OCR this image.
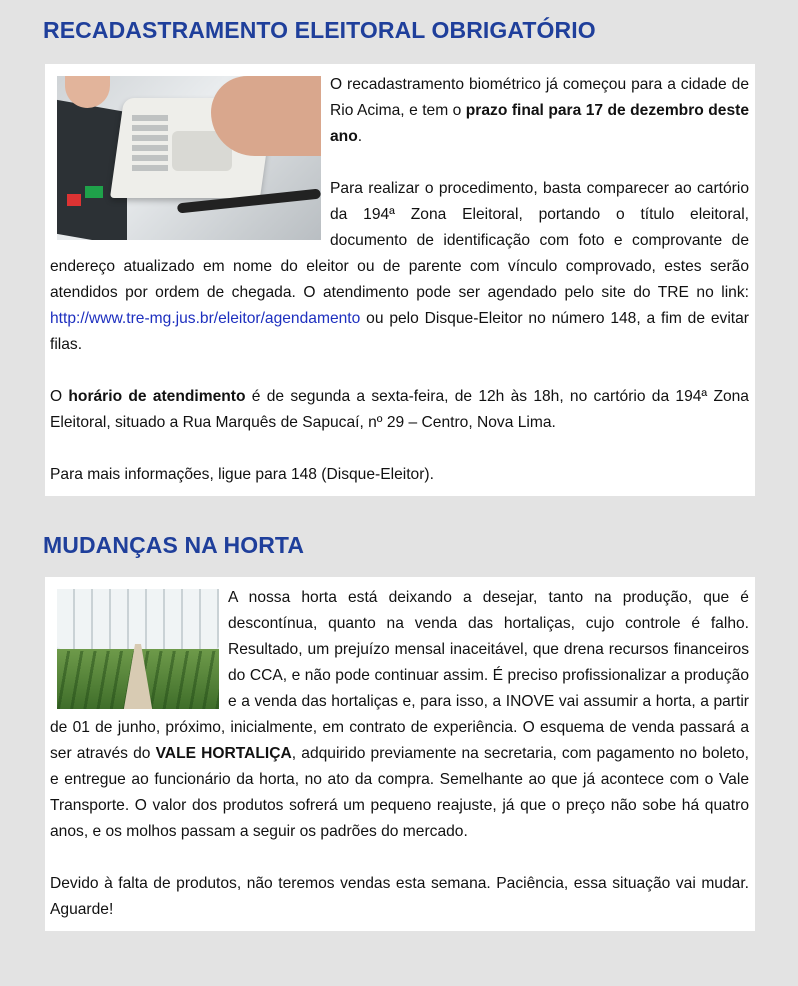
RECADASTRAMENTO ELEITORAL OBRIGATÓRIO

O recadastramento biométrico já começou para a cidade de Rio Acima, e tem o prazo final para 17 de dezembro deste ano.

Para realizar o procedimento, basta comparecer ao cartório da 194ª Zona Eleitoral, portando o título eleitoral, documento de identificação com foto e comprovante de endereço atualizado em nome do eleitor ou de parente com vínculo comprovado, estes serão atendidos por ordem de chegada. O atendimento pode ser agendado pelo site do TRE no link: http://www.tre-mg.jus.br/eleitor/agendamento ou pelo Disque-Eleitor no número 148, a fim de evitar filas.

O horário de atendimento é de segunda a sexta-feira, de 12h às 18h, no cartório da 194ª Zona Eleitoral, situado a Rua Marquês de Sapucaí, nº 29 – Centro, Nova Lima.

Para mais informações, ligue para 148 (Disque-Eleitor).

MUDANÇAS NA HORTA

A nossa horta está deixando a desejar, tanto na produção, que é descontínua, quanto na venda das hortaliças, cujo controle é falho. Resultado, um prejuízo mensal inaceitável, que drena recursos financeiros do CCA, e não pode continuar assim. É preciso profissionalizar a produção e a venda das hortaliças e, para isso, a INOVE vai assumir a horta, a partir de 01 de junho, próximo, inicialmente, em contrato de experiência. O esquema de venda passará a ser através do VALE HORTALIÇA, adquirido previamente na secretaria, com pagamento no boleto, e entregue ao funcionário da horta, no ato da compra. Semelhante ao que já acontece com o Vale Transporte. O valor dos produtos sofrerá um pequeno reajuste, já que o preço não sobe há quatro anos, e os molhos passam a seguir os padrões do mercado.

Devido à falta de produtos, não teremos vendas esta semana. Paciência, essa situação vai mudar. Aguarde!
